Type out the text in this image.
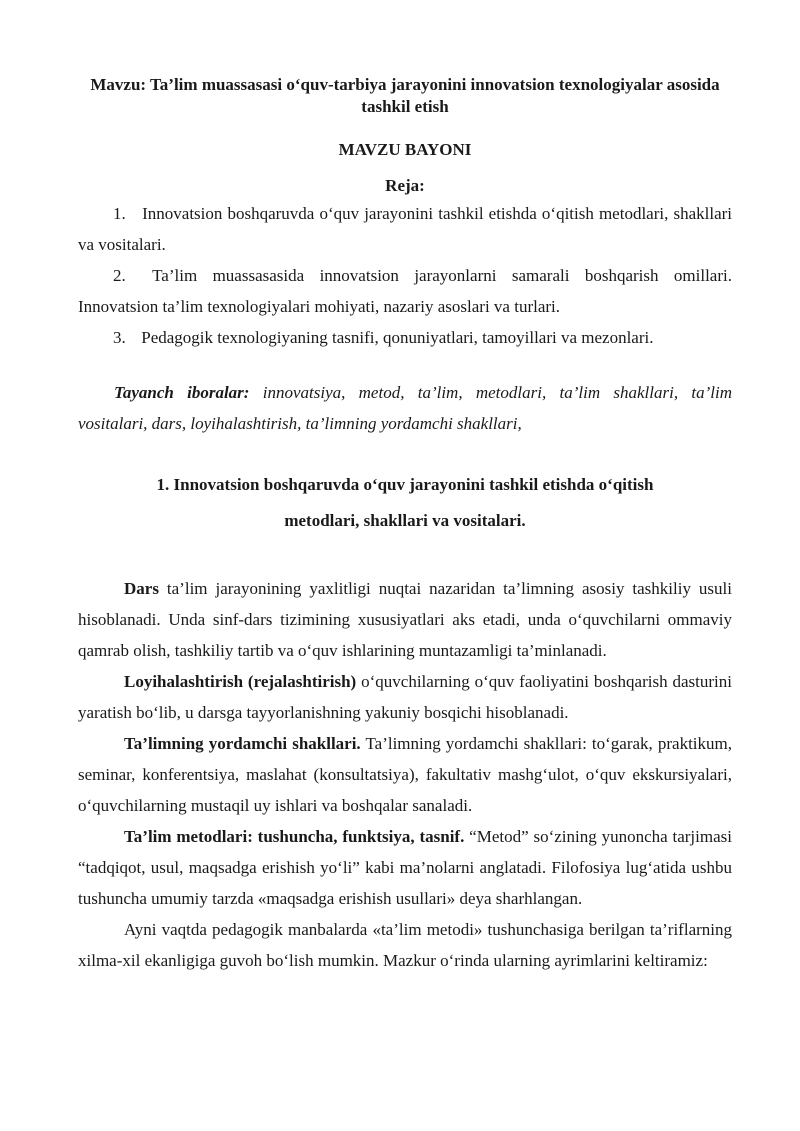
Mavzu: Ta’lim muassasasi o‘quv-tarbiya jarayonini innovatsion texnologiyalar asosida tashkil etish

MAVZU BAYONI

Reja:

1. Innovatsion boshqaruvda o‘quv jarayonini tashkil etishda o‘qitish metodlari, shakllari va vositalari.
2. Ta’lim muassasasida innovatsion jarayonlarni samarali boshqarish omillari. Innovatsion ta’lim texnologiyalari mohiyati, nazariy asoslari va turlari.
3. Pedagogik texnologiyaning tasnifi, qonuniyatlari, tamoyillari va mezonlari.

Tayanch iboralar: innovatsiya, metod, ta’lim, metodlari, ta’lim shakllari, ta’lim vositalari, dars, loyihalashtirish, ta’limning yordamchi shakllari,

1. Innovatsion boshqaruvda o‘quv jarayonini tashkil etishda o‘qitish metodlari, shakllari va vositalari.

Dars ta’lim jarayonining yaxlitligi nuqtai nazaridan ta’limning asosiy tashkiliy usuli hisoblanadi. Unda sinf-dars tizimining xususiyatlari aks etadi, unda o‘quvchilarni ommaviy qamrab olish, tashkiliy tartib va o‘quv ishlarining muntazamligi ta’minlanadi.

Loyihalashtirish (rejalashtirish) o‘quvchilarning o‘quv faoliyatini boshqarish dasturini yaratish bo‘lib, u darsga tayyorlanishning yakuniy bosqichi hisoblanadi.

Ta’limning yordamchi shakllari. Ta’limning yordamchi shakllari: to‘garak, praktikum, seminar, konferentsiya, maslahat (konsultatsiya), fakultativ mashg‘ulot, o‘quv ekskursiyalari, o‘quvchilarning mustaqil uy ishlari va boshqalar sanaladi.

Ta’lim metodlari: tushuncha, funktsiya, tasnif. “Metod” so‘zining yunoncha tarjimasi “tadqiqot, usul, maqsadga erishish yo‘li” kabi ma’nolarni anglatadi. Filofosiya lug‘atida ushbu tushuncha umumiy tarzda «maqsadga erishish usullari» deya sharhlangan.

Ayni vaqtda pedagogik manbalarda «ta’lim metodi» tushunchasiga berilgan ta’riflarning xilma-xil ekanligiga guvoh bo‘lish mumkin. Mazkur o‘rinda ularning ayrimlarini keltiramiz:
